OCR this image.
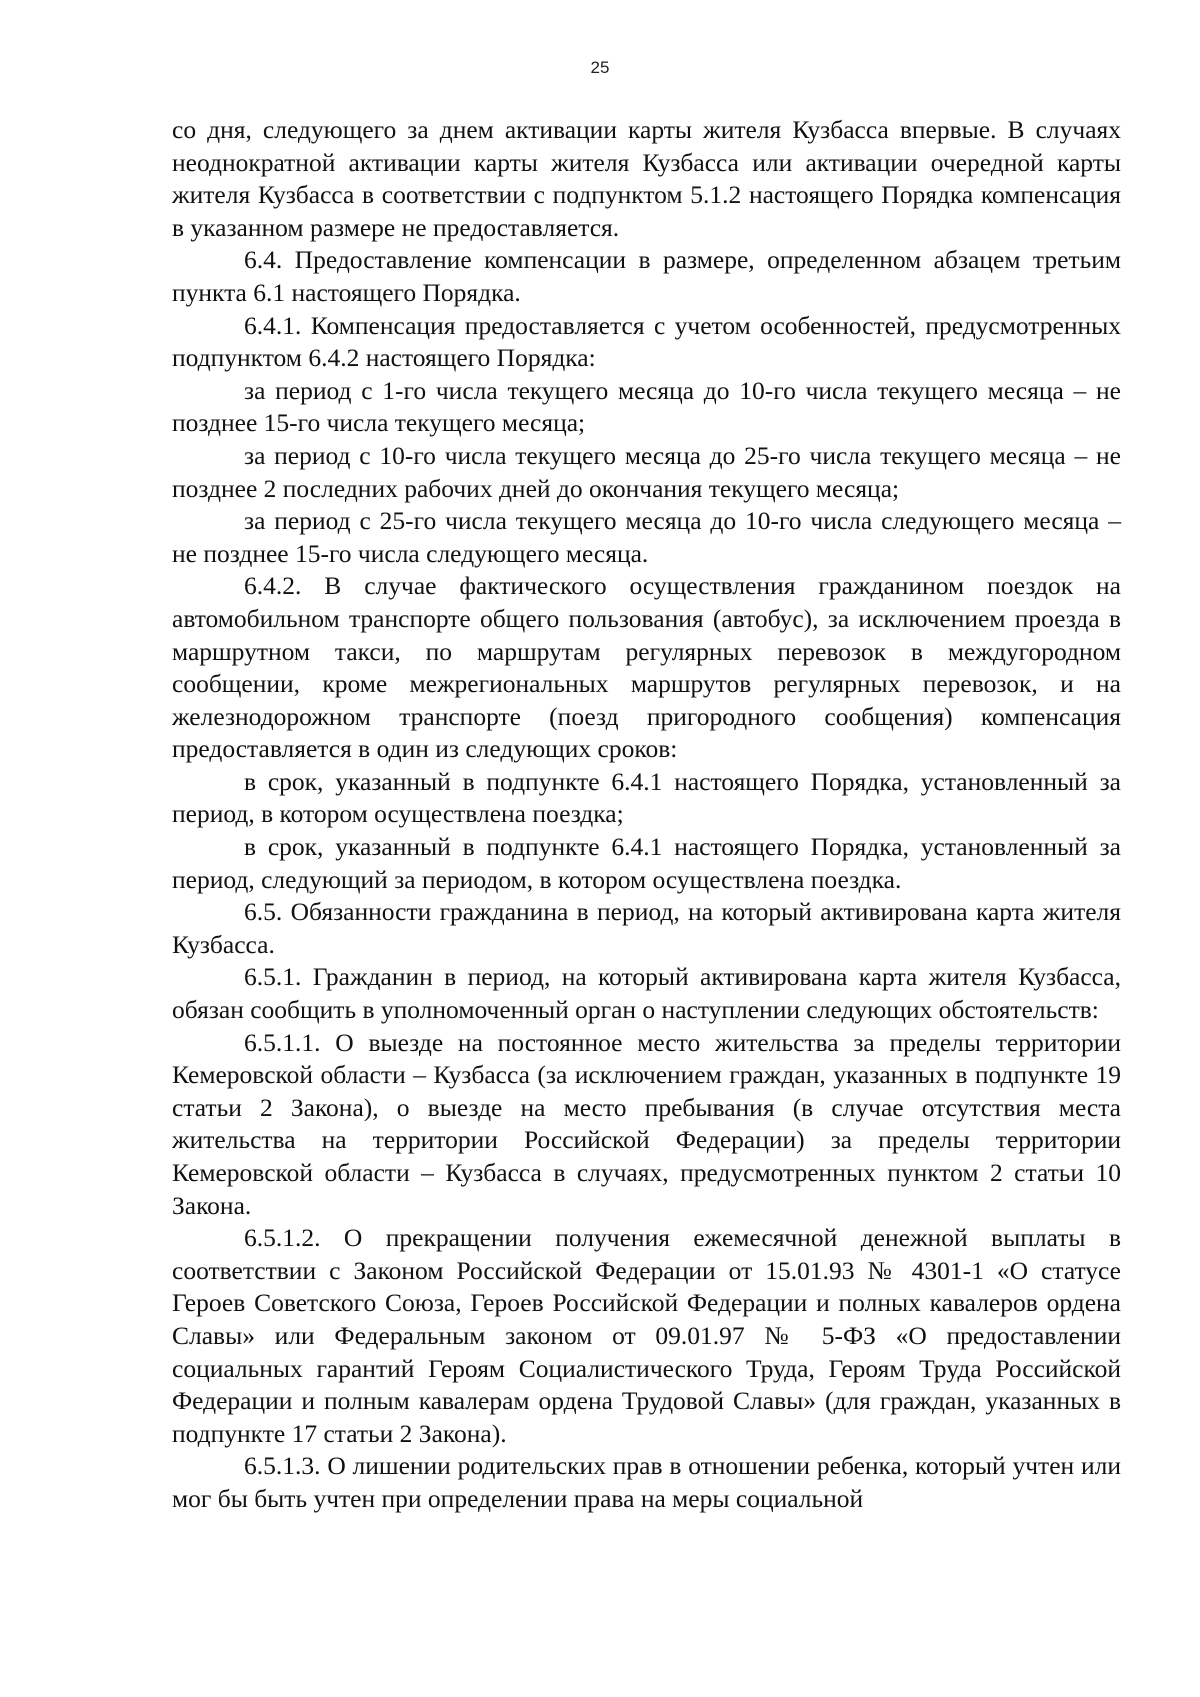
25

со дня, следующего за днем активации карты жителя Кузбасса впервые. В случаях неоднократной активации карты жителя Кузбасса или активации очередной карты жителя Кузбасса в соответствии с подпунктом 5.1.2 настоящего Порядка компенсация в указанном размере не предоставляется.

6.4. Предоставление компенсации в размере, определенном абзацем третьим пункта 6.1 настоящего Порядка.

6.4.1. Компенсация предоставляется с учетом особенностей, предусмотренных подпунктом 6.4.2 настоящего Порядка:

за период с 1-го числа текущего месяца до 10-го числа текущего месяца – не позднее 15-го числа текущего месяца;

за период с 10-го числа текущего месяца до 25-го числа текущего месяца – не позднее 2 последних рабочих дней до окончания текущего месяца;

за период с 25-го числа текущего месяца до 10-го числа следующего месяца – не позднее 15-го числа следующего месяца.

6.4.2. В случае фактического осуществления гражданином поездок на автомобильном транспорте общего пользования (автобус), за исключением проезда в маршрутном такси, по маршрутам регулярных перевозок в междугородном сообщении, кроме межрегиональных маршрутов регулярных перевозок, и на железнодорожном транспорте (поезд пригородного сообщения) компенсация предоставляется в один из следующих сроков:

в срок, указанный в подпункте 6.4.1 настоящего Порядка, установленный за период, в котором осуществлена поездка;

в срок, указанный в подпункте 6.4.1 настоящего Порядка, установленный за период, следующий за периодом, в котором осуществлена поездка.

6.5. Обязанности гражданина в период, на который активирована карта жителя Кузбасса.

6.5.1. Гражданин в период, на который активирована карта жителя Кузбасса, обязан сообщить в уполномоченный орган о наступлении следующих обстоятельств:

6.5.1.1. О выезде на постоянное место жительства за пределы территории Кемеровской области – Кузбасса (за исключением граждан, указанных в подпункте 19 статьи 2 Закона), о выезде на место пребывания (в случае отсутствия места жительства на территории Российской Федерации) за пределы территории Кемеровской области – Кузбасса в случаях, предусмотренных пунктом 2 статьи 10 Закона.

6.5.1.2. О прекращении получения ежемесячной денежной выплаты в соответствии с Законом Российской Федерации от 15.01.93 № 4301-1 «О статусе Героев Советского Союза, Героев Российской Федерации и полных кавалеров ордена Славы» или Федеральным законом от 09.01.97 № 5-ФЗ «О предоставлении социальных гарантий Героям Социалистического Труда, Героям Труда Российской Федерации и полным кавалерам ордена Трудовой Славы» (для граждан, указанных в подпункте 17 статьи 2 Закона).

6.5.1.3. О лишении родительских прав в отношении ребенка, который учтен или мог бы быть учтен при определении права на меры социальной
